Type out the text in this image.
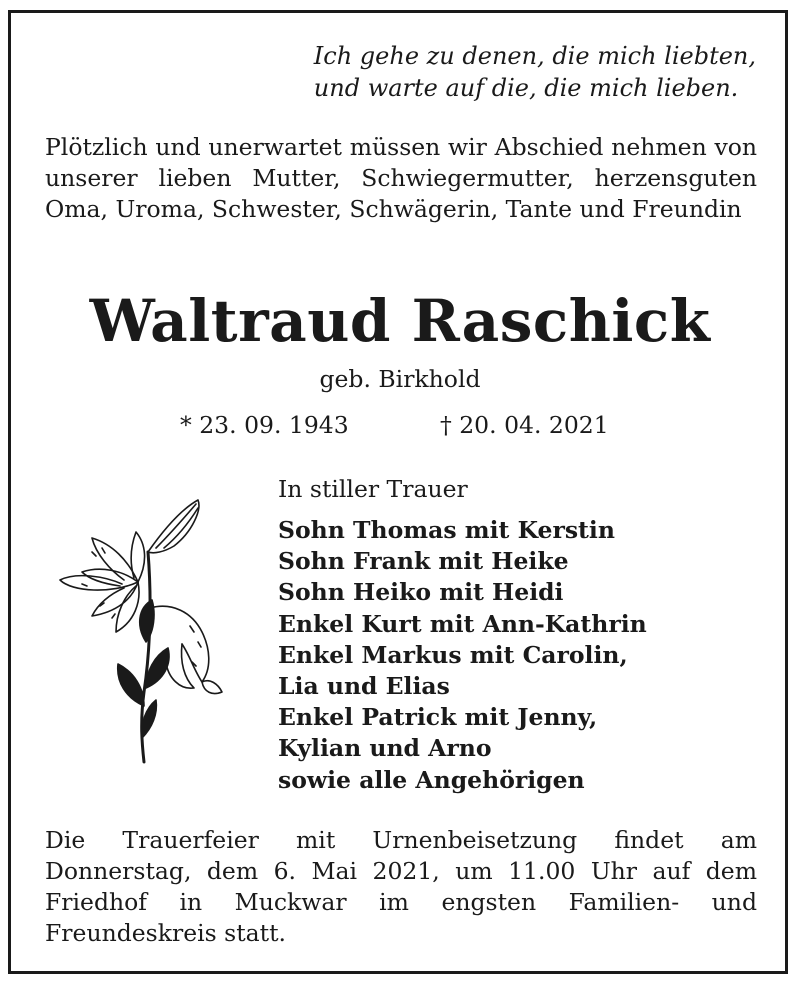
Ich gehe zu denen, die mich liebten,
und warte auf die, die mich lieben.
Plötzlich und unerwartet müssen wir Abschied nehmen von unserer lieben Mutter, Schwiegermutter, herzensguten Oma, Uroma, Schwester, Schwägerin, Tante und Freundin
Waltraud Raschick
geb. Birkhold
* 23. 09. 1943	† 20. 04. 2021
In stiller Trauer
Sohn Thomas mit Kerstin
Sohn Frank mit Heike
Sohn Heiko mit Heidi
Enkel Kurt mit Ann-Kathrin
Enkel Markus mit Carolin,
Lia und Elias
Enkel Patrick mit Jenny,
Kylian und Arno
sowie alle Angehörigen
Die Trauerfeier mit Urnenbeisetzung findet am Donnerstag, dem 6. Mai 2021, um 11.00 Uhr auf dem Friedhof in Muckwar im engsten Familien- und Freundeskreis statt.
